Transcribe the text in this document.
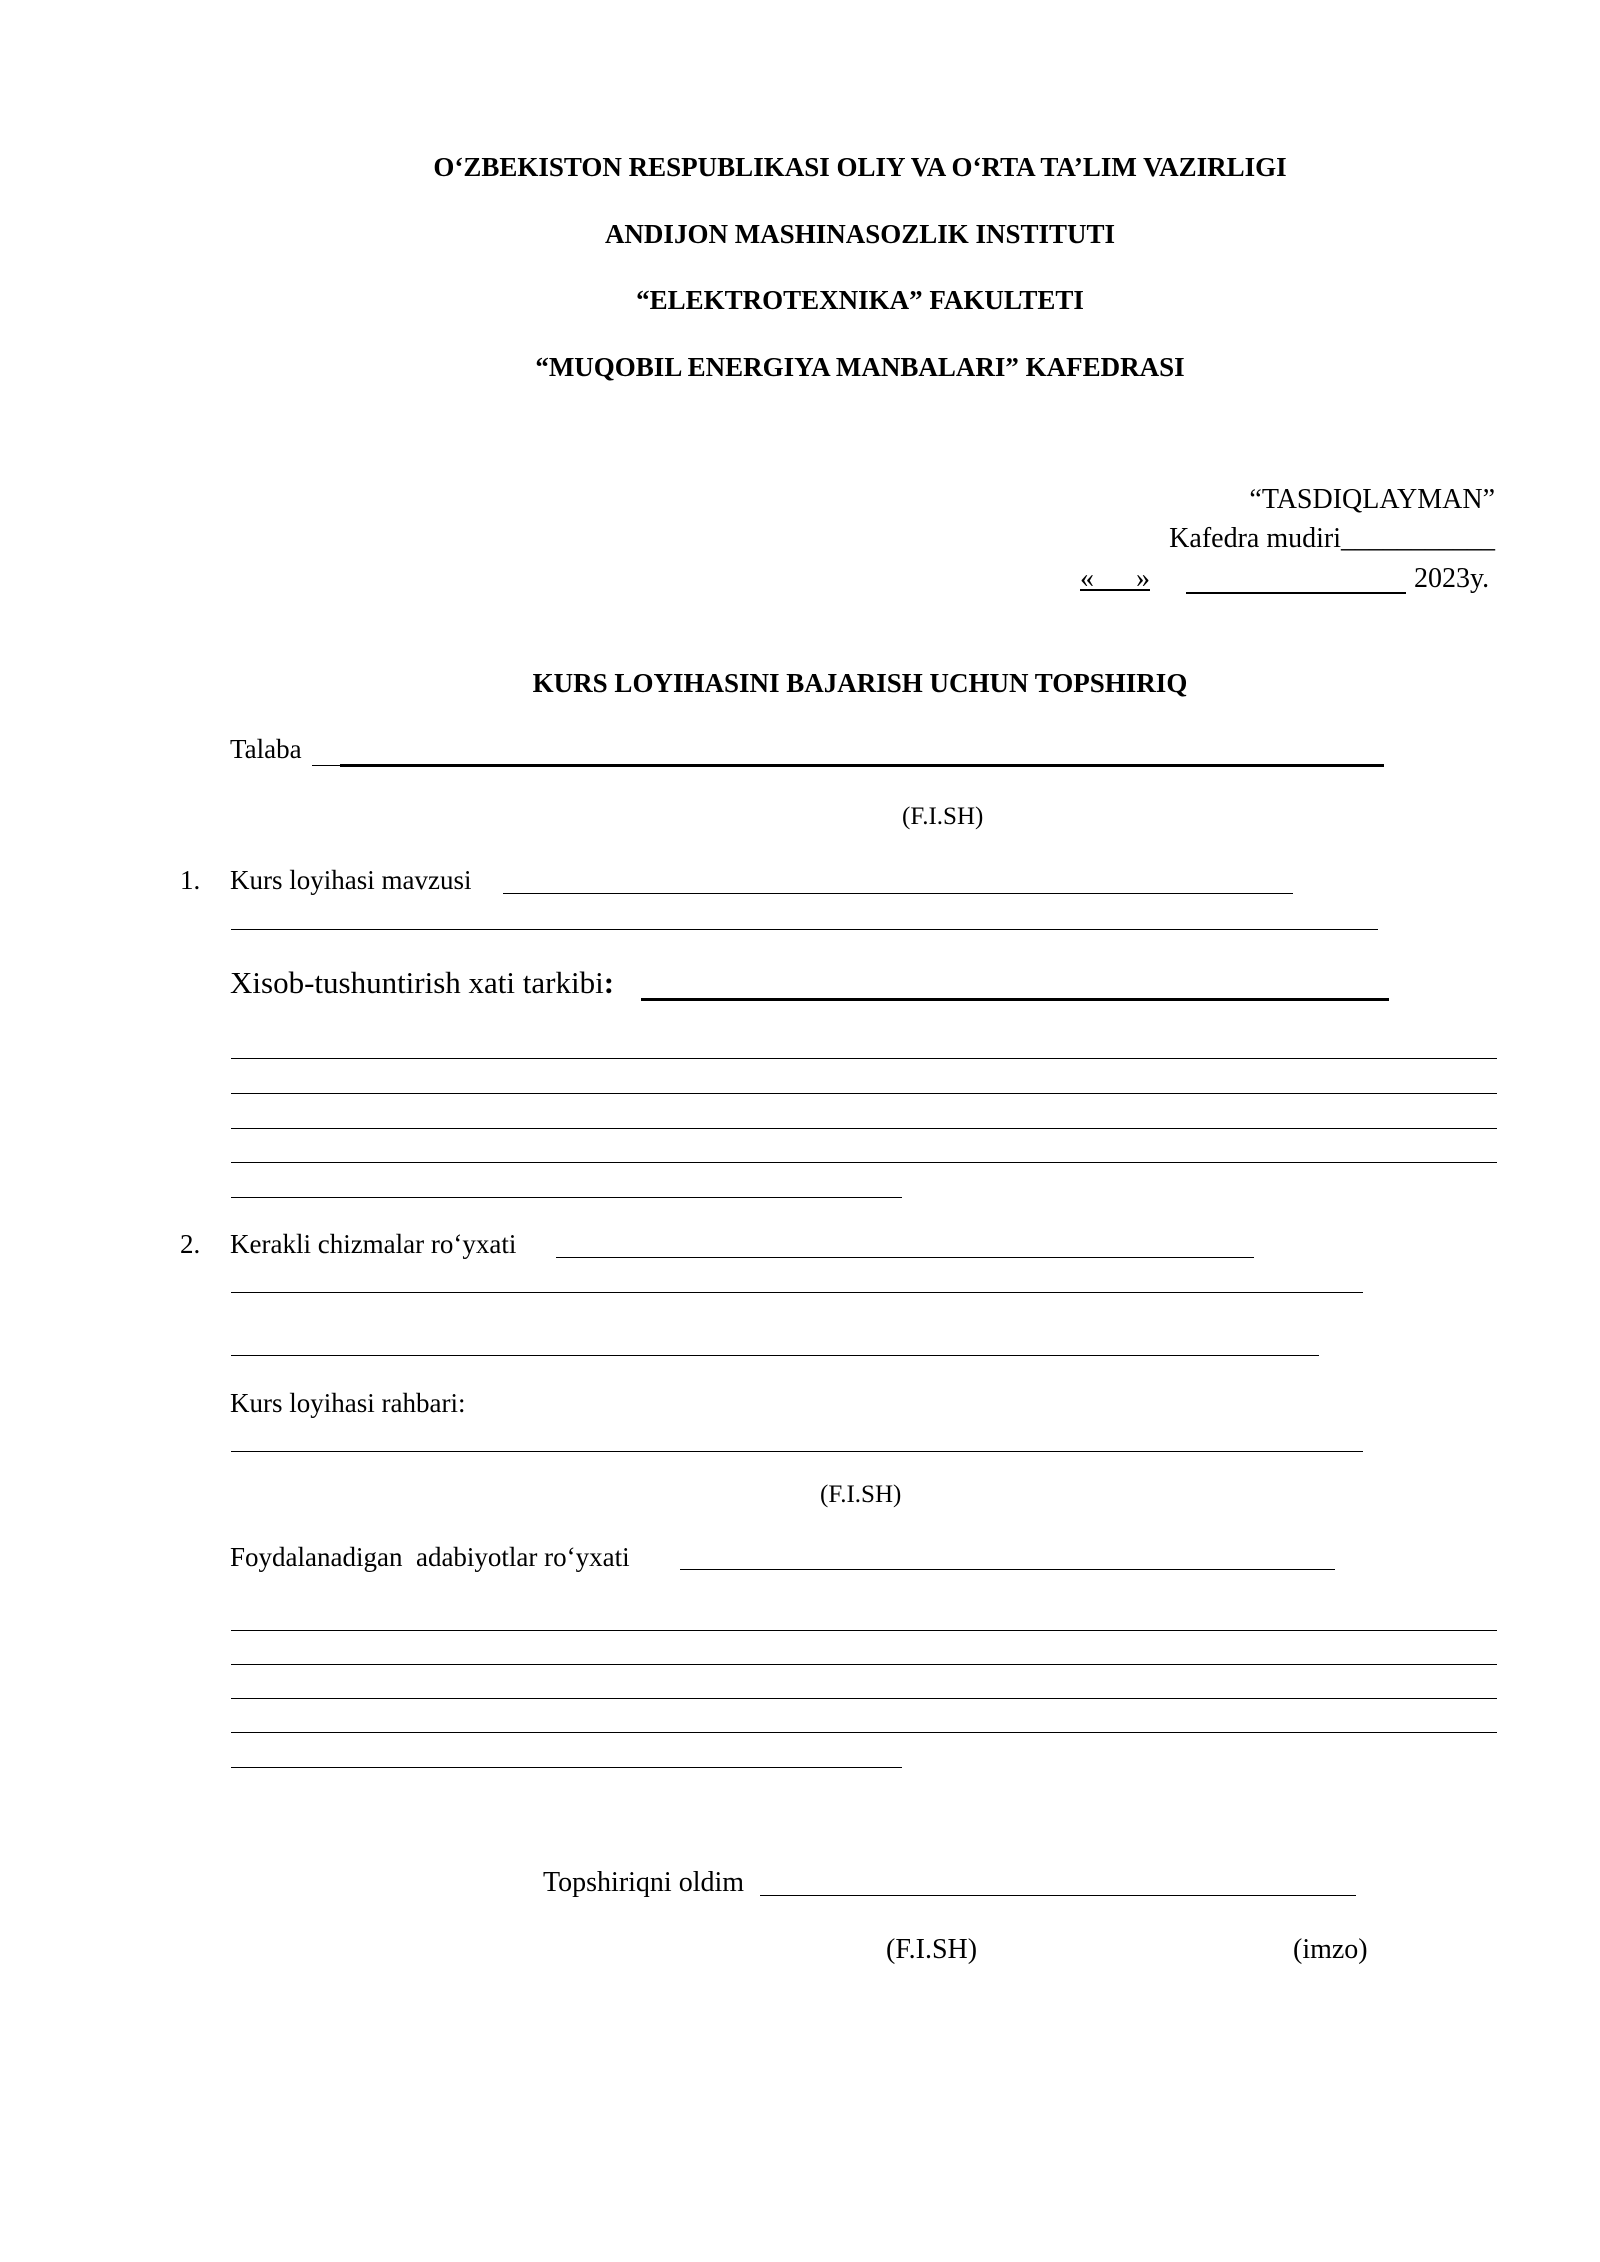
O‘ZBEKISTON RESPUBLIKASI OLIY VA O‘RTA TA’LIM VAZIRLIGI
ANDIJON MASHINASOZLIK INSTITUTI
“ELEKTROTEXNIKA” FAKULTETI
“MUQOBIL ENERGIYA MANBALARI” KAFEDRASI
“TASDIQLAYMAN”
Kafedra mudiri___________
«      »	2023y.
KURS LOYIHASINI BAJARISH UCHUN TOPSHIRIQ
Talaba
(F.I.SH)
1. Kurs loyihasi mavzusi
Xisob-tushuntirish xati tarkibi:
2. Kerakli chizmalar ro‘yxati
Kurs loyihasi rahbari:
(F.I.SH)
Foydalanadigan  adabiyotlar ro‘yxati
Topshiriqni oldim
(F.I.SH)	(imzo)
